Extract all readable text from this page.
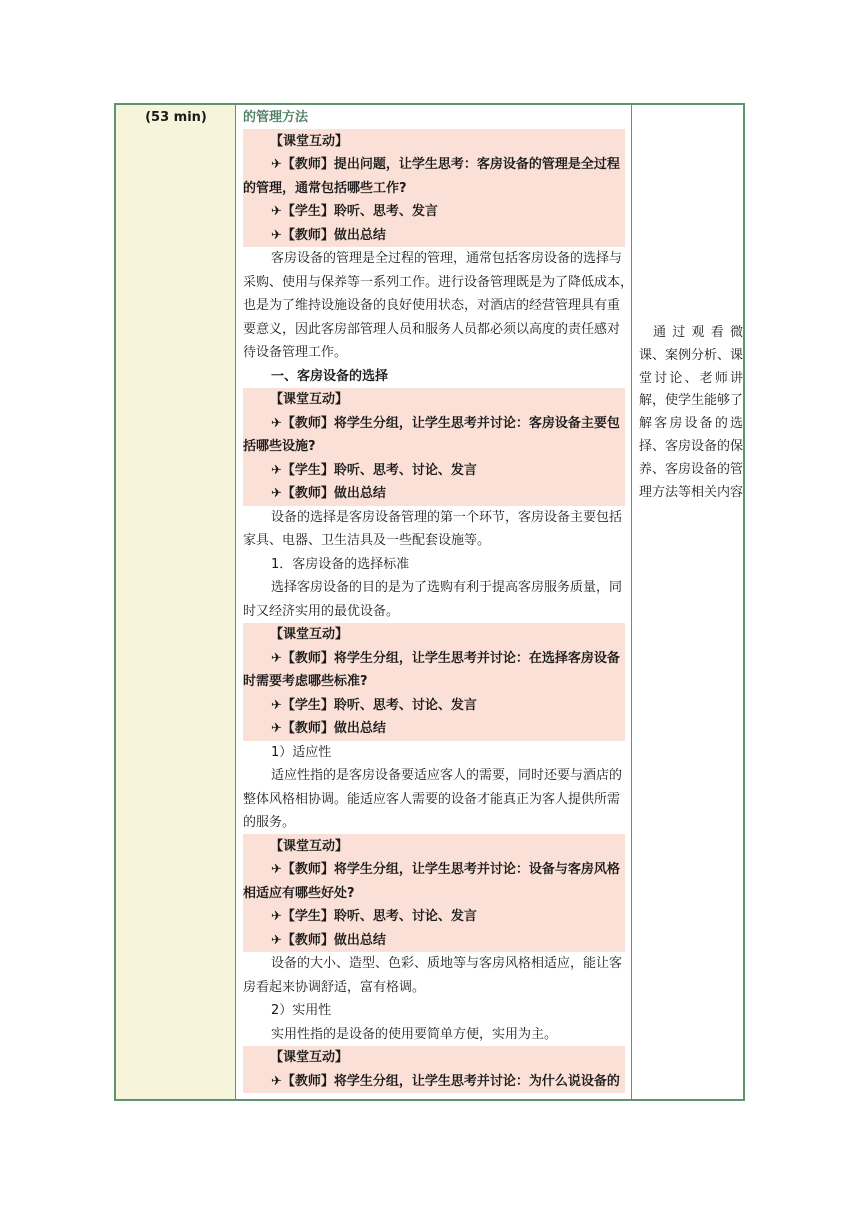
(53 min)	的管理方法
【课堂互动】
✈【教师】提出问题，让学生思考：客房设备的管理是全过程
的管理，通常包括哪些工作?
✈【学生】聆听、思考、发言
✈【教师】做出总结
客房设备的管理是全过程的管理，通常包括客房设备的选择与
采购、使用与保养等一系列工作。进行设备管理既是为了降低成本，
也是为了维持设施设备的良好使用状态，对酒店的经营管理具有重
要意义，因此客房部管理人员和服务人员都必须以高度的责任感对
待设备管理工作。
一、客房设备的选择
【课堂互动】
✈【教师】将学生分组，让学生思考并讨论：客房设备主要包
括哪些设施?
✈【学生】聆听、思考、讨论、发言
✈【教师】做出总结
设备的选择是客房设备管理的第一个环节，客房设备主要包括
家具、电器、卫生洁具及一些配套设施等。
1．客房设备的选择标准
选择客房设备的目的是为了选购有利于提高客房服务质量，同
时又经济实用的最优设备。
【课堂互动】
✈【教师】将学生分组，让学生思考并讨论：在选择客房设备
时需要考虑哪些标准?
✈【学生】聆听、思考、讨论、发言
✈【教师】做出总结
1）适应性
适应性指的是客房设备要适应客人的需要，同时还要与酒店的
整体风格相协调。能适应客人需要的设备才能真正为客人提供所需
的服务。
【课堂互动】
✈【教师】将学生分组，让学生思考并讨论：设备与客房风格
相适应有哪些好处?
✈【学生】聆听、思考、讨论、发言
✈【教师】做出总结
设备的大小、造型、色彩、质地等与客房风格相适应，能让客
房看起来协调舒适，富有格调。
2）实用性
实用性指的是设备的使用要简单方便，实用为主。
【课堂互动】
✈【教师】将学生分组，让学生思考并讨论：为什么说设备的
通过观看微课、案例分析、课堂讨论、老师讲解，使学生能够了解客房设备的选择、客房设备的保养、客房设备的管理方法等相关内容
